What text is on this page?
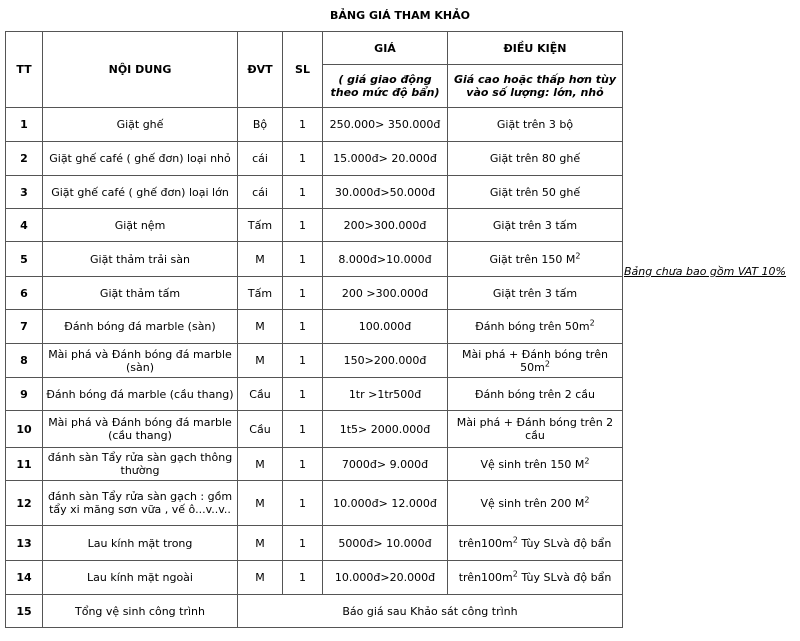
BẢNG GIÁ THAM KHẢO
TT	NỘI DUNG	ĐVT	SL	GIÁ	ĐIỀU KIỆN
				( giá giao động theo mức độ bẩn)	Giá cao hoặc thấp hơn tùy vào số lượng: lớn, nhỏ
1	Giặt ghế	Bộ	1	250.000> 350.000đ	Giặt trên 3 bộ
2	Giặt ghế café ( ghế đơn) loại nhỏ	cái	1	15.000đ> 20.000đ	Giặt trên 80 ghế
3	Giặt ghế café ( ghế đơn) loại lớn	cái	1	30.000đ>50.000đ	Giặt trên 50 ghế
4	Giặt nệm	Tấm	1	200>300.000đ	Giặt trên 3 tấm
5	Giặt thảm trải sàn	M	1	8.000đ>10.000đ	Giặt trên 150 $M^2$
6	Giặt thảm tấm	Tấm	1	200 >300.000đ	Giặt trên 3 tấm
7	Đánh bóng đá marble (sàn)	M	1	100.000đ	Đánh bóng trên $50m^2$
8	Mài phá và Đánh bóng đá marble (sàn)	M	1	150>200.000đ	Mài phá + Đánh bóng trên $50m^2$
9	Đánh bóng đá marble (cầu thang)	Cầu	1	1tr >1tr500đ	Đánh bóng trên 2 cầu
10	Mài phá và Đánh bóng đá marble (cầu thang)	Cầu	1	1t5> 2000.000đ	Mài phá + Đánh bóng trên 2 cầu
11	đánh sàn Tẩy rửa sàn gạch thông thường	M	1	7000đ> 9.000đ	Vệ sinh trên 150 $M^2$
12	đánh sàn Tẩy rửa sàn gạch : gồm tẩy xi măng sơn vữa , vế ô...v..v..	M	1	10.000đ> 12.000đ	Vệ sinh trên 200 $M^2$
13	Lau kính mặt trong	M	1	5000đ> 10.000đ	$trên100m^2$ Tùy SLvà độ bẩn
14	Lau kính mặt ngoài	M	1	10.000đ>20.000đ	$trên100m^2$ Tùy SLvà độ bẩn
15	Tổng vệ sinh công trình	Báo giá sau Khảo sát công trình			
Bảng chưa bao gồm VAT 10%
